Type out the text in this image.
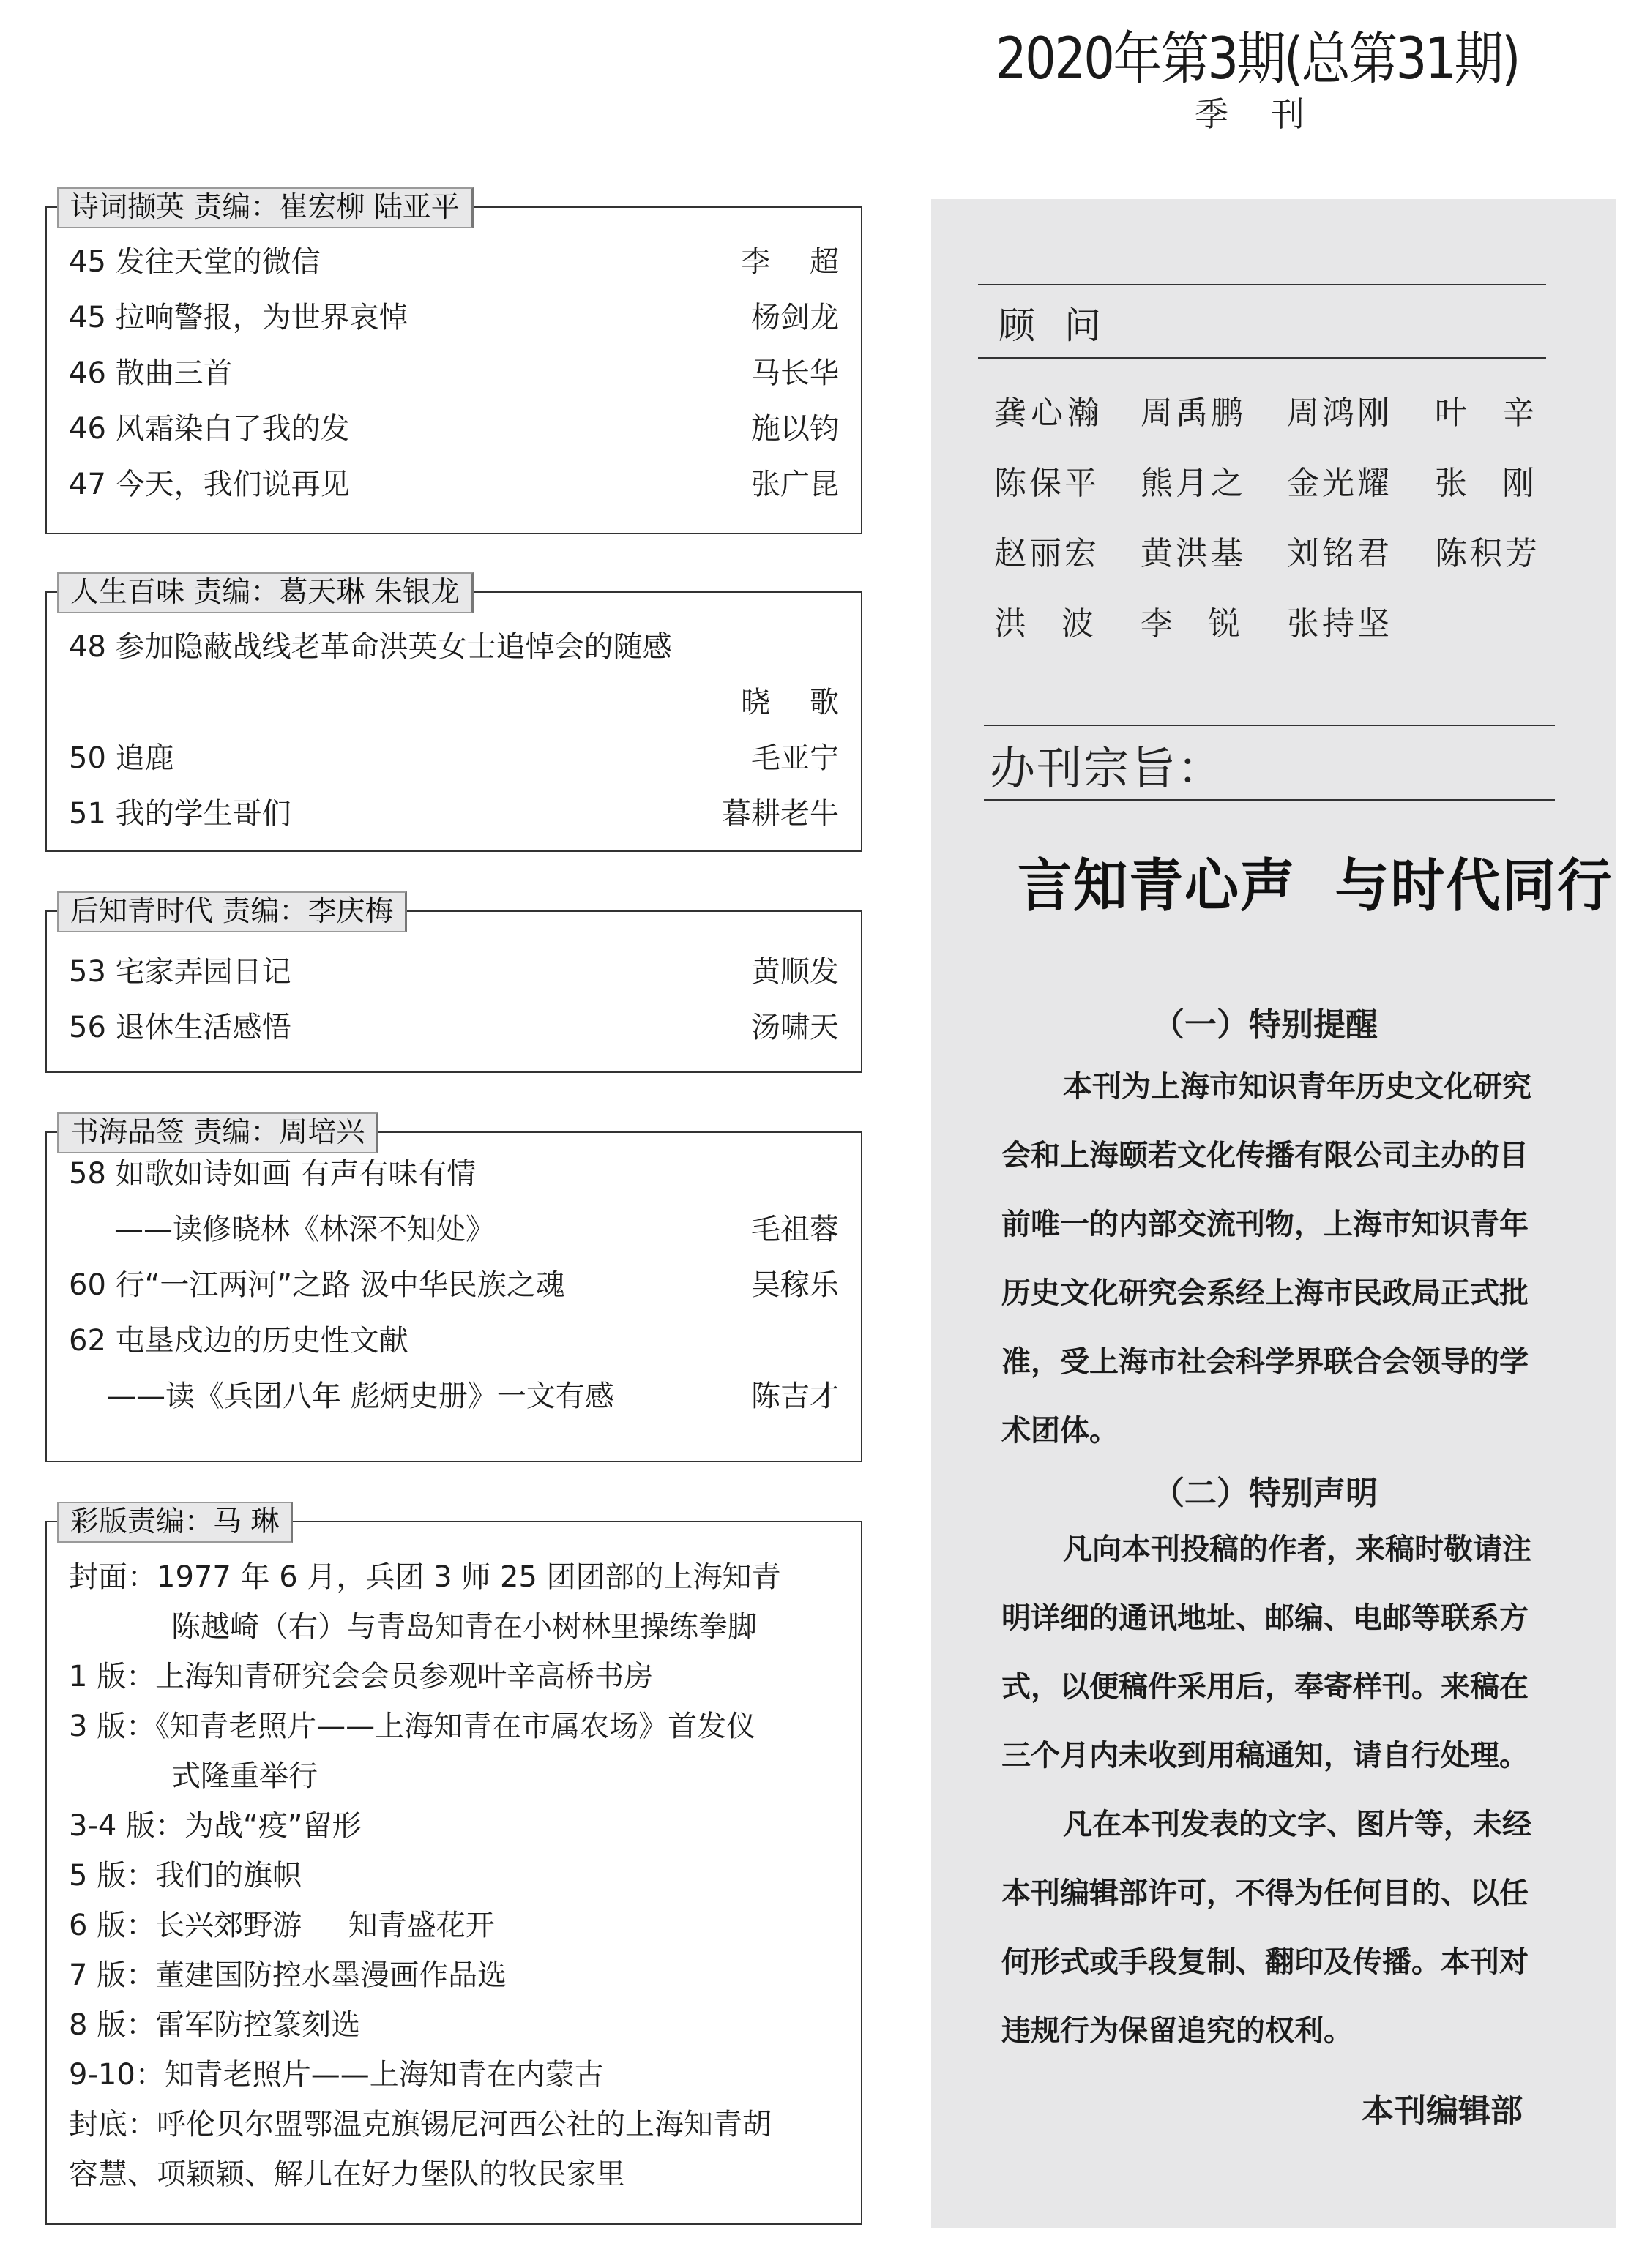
2020年第3期(总第31期)
季刊
诗词撷英 责编：崔宏柳 陆亚平
45 发往天堂的微信	李超
45 拉响警报，为世界哀悼	杨剑龙
46 散曲三首	马长华
46 风霜染白了我的发	施以钧
47 今天，我们说再见	张广昆
人生百味 责编：葛天琳 朱银龙
48 参加隐蔽战线老革命洪英女士追悼会的随感
晓歌
50 追鹿	毛亚宁
51 我的学生哥们	暮耕老牛
后知青时代 责编：李庆梅
53 宅家弄园日记	黄顺发
56 退休生活感悟	汤啸天
书海品签 责编：周培兴
58 如歌如诗如画 有声有味有情
——读修晓林《林深不知处》	毛祖蓉
60 行“一江两河”之路 汲中华民族之魂	吴稼乐
62 屯垦戍边的历史性文献
——读《兵团八年 彪炳史册》一文有感	陈吉才
彩版责编：马 琳
封面：1977 年 6 月，兵团 3 师 25 团团部的上海知青
陈越崎（右）与青岛知青在小树林里操练拳脚
1 版：上海知青研究会会员参观叶辛高桥书房
3 版：《知青老照片——上海知青在市属农场》首发仪
式隆重举行
3-4 版：为战“疫”留形
5 版：我们的旗帜
6 版：长兴郊野游     知青盛花开
7 版：董建国防控水墨漫画作品选
8 版：雷军防控篆刻选
9-10：知青老照片——上海知青在内蒙古
封底：呼伦贝尔盟鄂温克旗锡尼河西公社的上海知青胡
容慧、项颖颖、解儿在好力堡队的牧民家里
顾问
龚心瀚 周禹鹏 周鸿刚 叶辛
陈保平 熊月之 金光耀 张刚
赵丽宏 黄洪基 刘铭君 陈积芳
洪波 李锐 张持坚
办刊宗旨：
言知青心声 与时代同行
（一）特别提醒

本刊为上海市知识青年历史文化研究会和上海颐若文化传播有限公司主办的目前唯一的内部交流刊物，上海市知识青年历史文化研究会系经上海市民政局正式批准，受上海市社会科学界联合会领导的学术团体。

（二）特别声明

凡向本刊投稿的作者，来稿时敬请注明详细的通讯地址、邮编、电邮等联系方式，以便稿件采用后，奉寄样刊。来稿在三个月内未收到用稿通知，请自行处理。

凡在本刊发表的文字、图片等，未经本刊编辑部许可，不得为任何目的、以任何形式或手段复制、翻印及传播。本刊对违规行为保留追究的权利。

本刊编辑部
